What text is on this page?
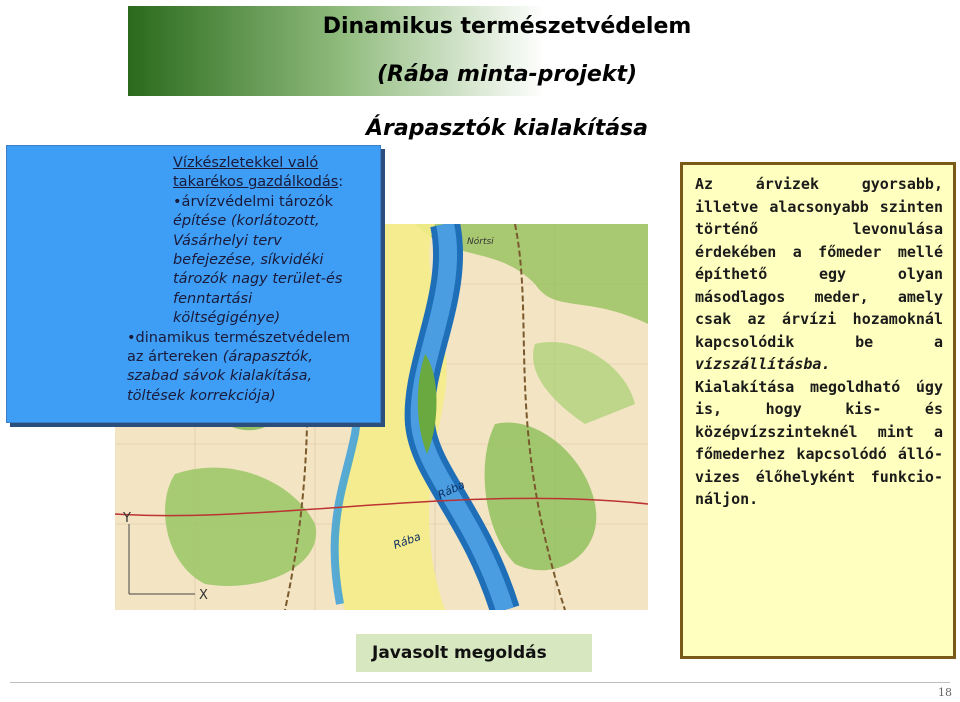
Dinamikus természetvédelem
(Rába minta-projekt)
Árapasztók kialakítása
Y
X
Nórtsi
Rába
Rába
Vízkészletekkel való
takarékos gazdálkodás:
•árvízvédelmi tározók
építése (korlátozott,
Vásárhelyi terv
befejezése, síkvidéki
tározók nagy terület-és
fenntartási
költségigénye)
•dinamikus természetvédelem
az ártereken (árapasztók,
szabad sávok kialakítása,
töltések korrekciója)
Az árvizek gyorsabb, illetve alacsonyabb szinten történő levonulása érdekében a főmeder mellé építhető egy olyan másodlagos meder, amely csak az árvízi hozamoknál kapcsolódik be a vízszállításba.
Kialakítása megoldható úgy is, hogy kis- és középvízszinteknél mint a főmederhez kapcsolódó álló-vizes élőhelyként funkcio-náljon.
Javasolt megoldás
18
